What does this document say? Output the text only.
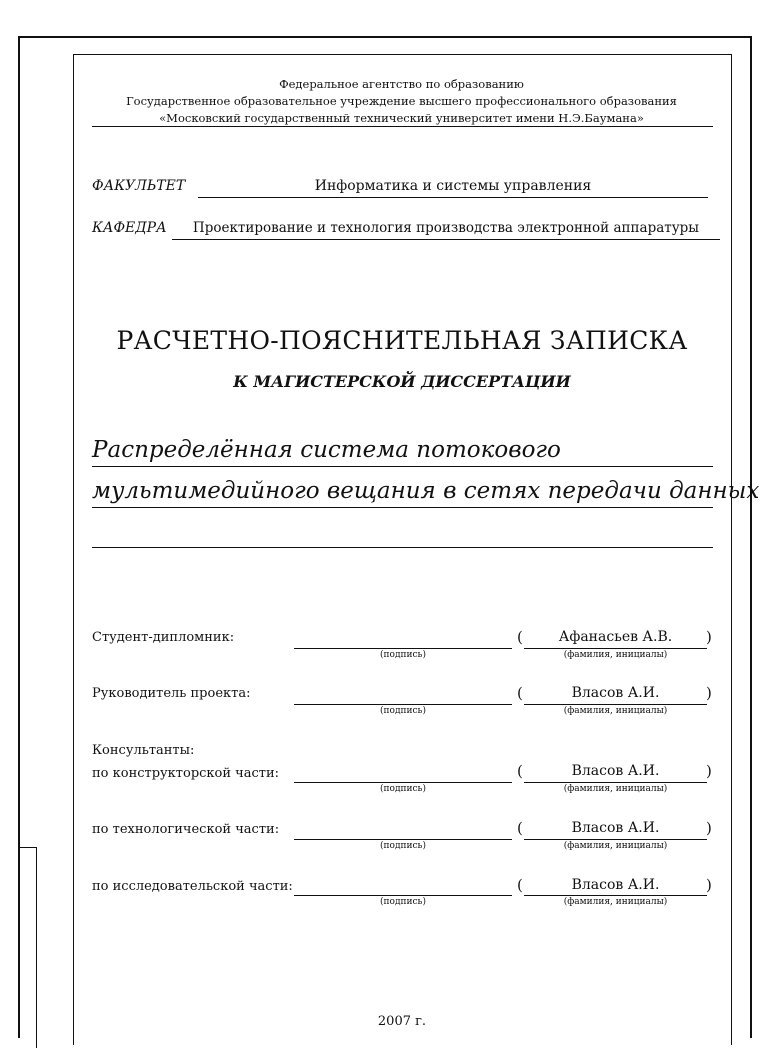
Федеральное агентство по образованию
Государственное образовательное учреждение высшего профессионального образования
«Московский государственный технический университет имени Н.Э.Баумана»
ФАКУЛЬТЕТ	Информатика и системы управления
КАФЕДРА	Проектирование и технология производства электронной аппаратуры
РАСЧЕТНО-ПОЯСНИТЕЛЬНАЯ ЗАПИСКА
К МАГИСТЕРСКОЙ ДИССЕРТАЦИИ
Распределённая система потокового
мультимедийного вещания в сетях передачи данных
Студент-дипломник:
(подпись)
(	Афанасьев А.В.	)
(фамилия, инициалы)
Руководитель проекта:
(подпись)
(	Власов А.И.	)
(фамилия, инициалы)
Консультанты:
по конструкторской части:
(подпись)
(	Власов А.И.	)
(фамилия, инициалы)
по технологической части:
(подпись)
(	Власов А.И.	)
(фамилия, инициалы)
по исследовательской части:
(подпись)
(	Власов А.И.	)
(фамилия, инициалы)
2007 г.
